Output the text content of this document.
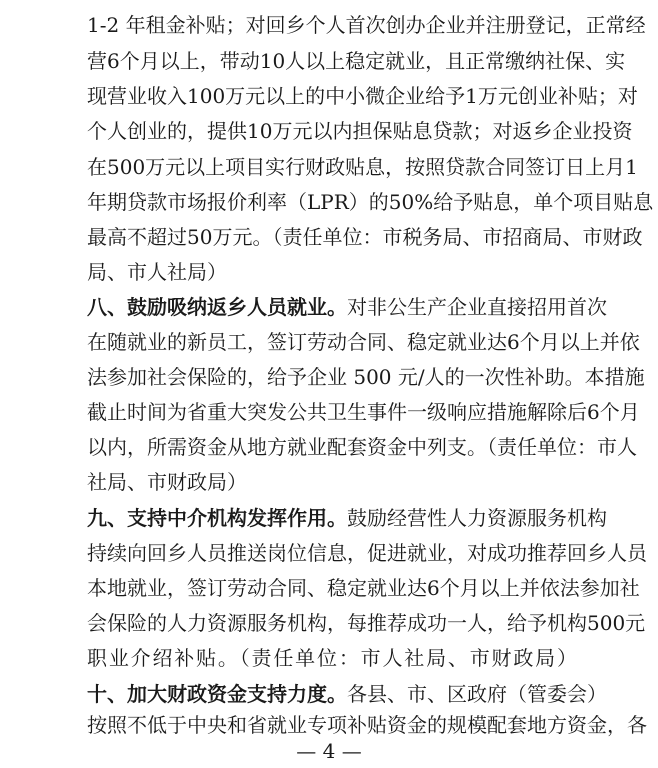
1-2 年租金补贴；对回乡个人首次创办企业并注册登记，正常经
营6个月以上，带动10人以上稳定就业，且正常缴纳社保、实
现营业收入100万元以上的中小微企业给予1万元创业补贴；对
个人创业的，提供10万元以内担保贴息贷款；对返乡企业投资
在500万元以上项目实行财政贴息，按照贷款合同签订日上月1
年期贷款市场报价利率（LPR）的50%给予贴息，单个项目贴息
最高不超过50万元。（责任单位：市税务局、市招商局、市财政
局、市人社局）
八、鼓励吸纳返乡人员就业。对非公生产企业直接招用首次
在随就业的新员工，签订劳动合同、稳定就业达6个月以上并依
法参加社会保险的，给予企业 500 元/人的一次性补助。本措施
截止时间为省重大突发公共卫生事件一级响应措施解除后6个月
以内，所需资金从地方就业配套资金中列支。（责任单位：市人
社局、市财政局）
九、支持中介机构发挥作用。鼓励经营性人力资源服务机构
持续向回乡人员推送岗位信息，促进就业，对成功推荐回乡人员
本地就业，签订劳动合同、稳定就业达6个月以上并依法参加社
会保险的人力资源服务机构，每推荐成功一人，给予机构500元
职业介绍补贴。（责任单位：市人社局、市财政局）
十、加大财政资金支持力度。各县、市、区政府（管委会）
按照不低于中央和省就业专项补贴资金的规模配套地方资金，各
— 4 —
